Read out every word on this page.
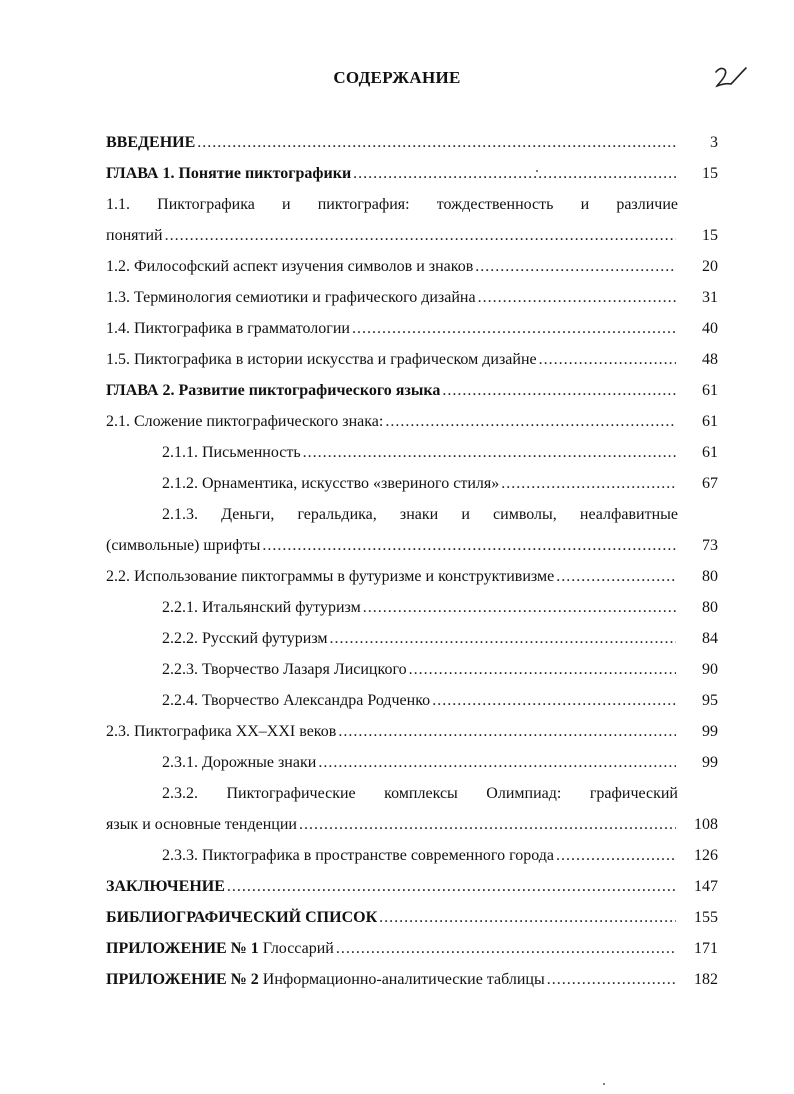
СОДЕРЖАНИЕ
ВВЕДЕНИЕ .....	3
ГЛАВА 1. Понятие пиктографики .....	15
1.1. Пиктографика и пиктография: тождественность и различие
понятий .....	15
1.2. Философский аспект изучения символов и знаков .....	20
1.3. Терминология семиотики и графического дизайна .....	31
1.4. Пиктографика в грамматологии .....	40
1.5. Пиктографика в истории искусства и графическом дизайне .....	48
ГЛАВА 2. Развитие пиктографического языка .....	61
2.1. Сложение пиктографического знака: .....	61
2.1.1. Письменность .....	61
2.1.2. Орнаментика, искусство «звериного стиля» .....	67
2.1.3. Деньги, геральдика, знаки и символы, неалфавитные
(символьные) шрифты .....	73
2.2. Использование пиктограммы в футуризме и конструктивизме .....	80
2.2.1. Итальянский футуризм .....	80
2.2.2. Русский футуризм .....	84
2.2.3. Творчество Лазаря Лисицкого .....	90
2.2.4. Творчество Александра Родченко .....	95
2.3. Пиктографика XX–XXI веков .....	99
2.3.1. Дорожные знаки .....	99
2.3.2. Пиктографические комплексы Олимпиад: графический
язык и основные тенденции .....	108
2.3.3. Пиктографика в пространстве современного города .....	126
ЗАКЛЮЧЕНИЕ .....	147
БИБЛИОГРАФИЧЕСКИЙ СПИСОК .....	155
ПРИЛОЖЕНИЕ № 1 Глоссарий .....	171
ПРИЛОЖЕНИЕ № 2 Информационно-аналитические таблицы .....	182
